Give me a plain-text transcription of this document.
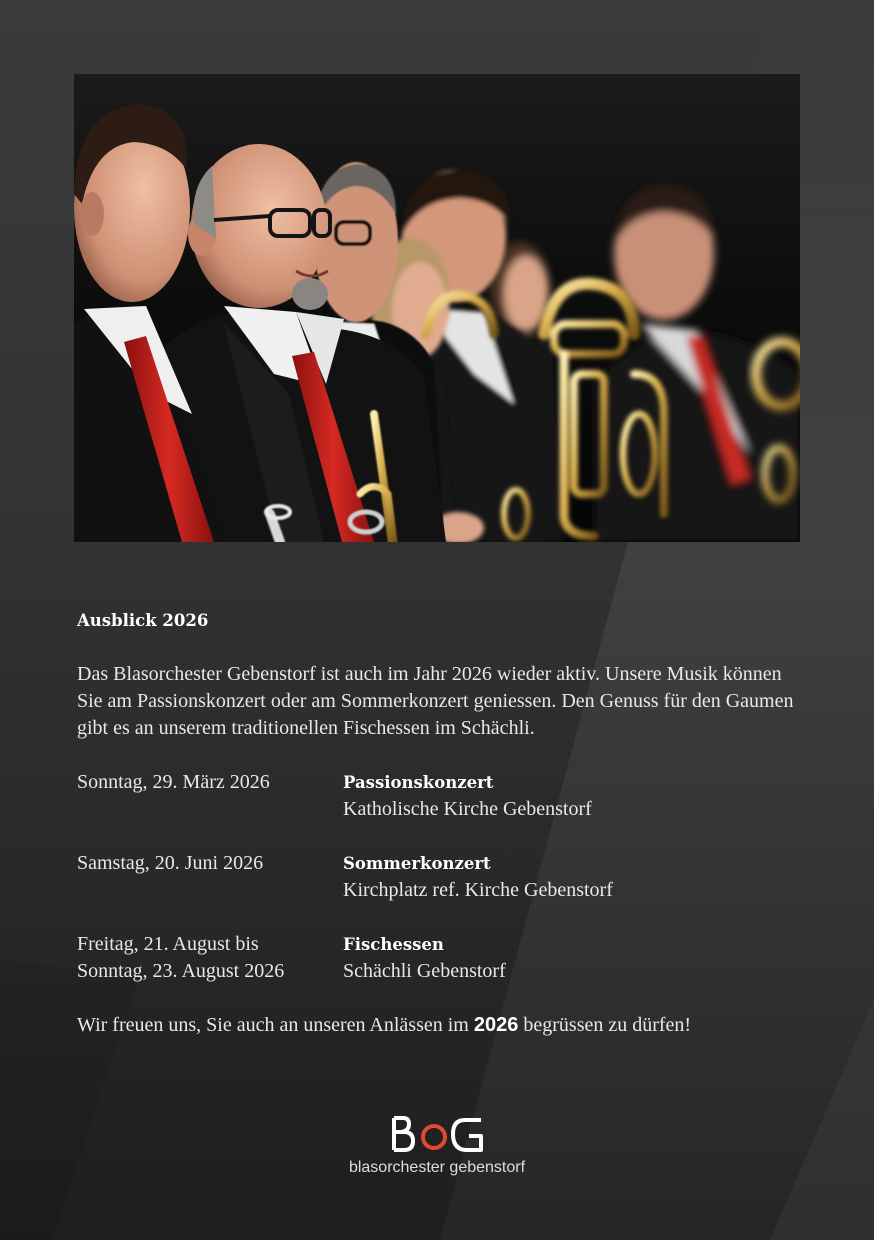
Ausblick 2026

Das Blasorchester Gebenstorf ist auch im Jahr 2026 wieder aktiv. Unsere Musik können Sie am Passionskonzert oder am Sommerkonzert geniessen. Den Genuss für den Gaumen gibt es an unserem traditionellen Fischessen im Schächli.

Sonntag, 29. März 2026	Passionskonzert
Katholische Kirche Gebenstorf
Samstag, 20. Juni 2026	Sommerkonzert
Kirchplatz ref. Kirche Gebenstorf
Freitag, 21. August bis
Sonntag, 23. August 2026
Fischessen
Schächli Gebenstorf

Wir freuen uns, Sie auch an unseren Anlässen im 2026 begrüssen zu dürfen!

blasorchester gebenstorf
